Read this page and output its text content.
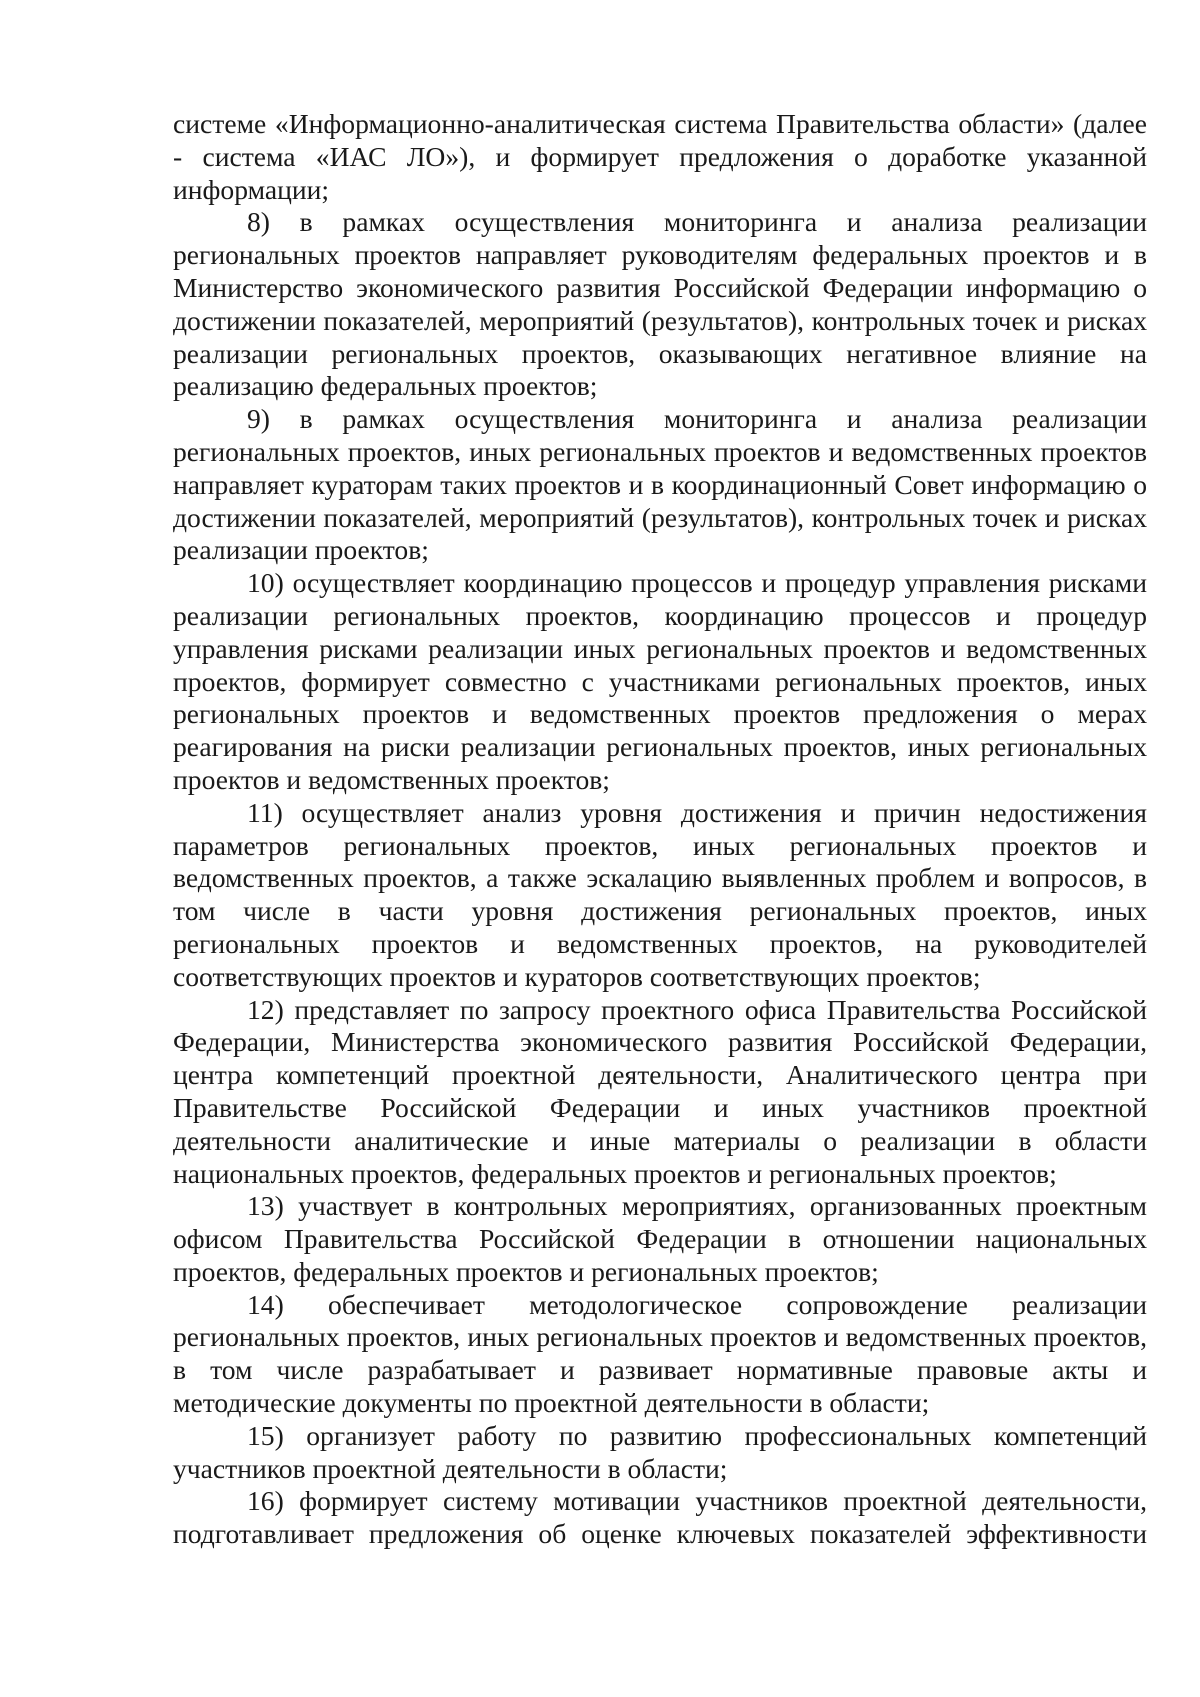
системе «Информационно-аналитическая система Правительства области» (далее - система «ИАС ЛО»), и формирует предложения о доработке указанной информации;

8) в рамках осуществления мониторинга и анализа реализации региональных проектов направляет руководителям федеральных проектов и в Министерство экономического развития Российской Федерации информацию о достижении показателей, мероприятий (результатов), контрольных точек и рисках реализации региональных проектов, оказывающих негативное влияние на реализацию федеральных проектов;

9) в рамках осуществления мониторинга и анализа реализации региональных проектов, иных региональных проектов и ведомственных проектов направляет кураторам таких проектов и в координационный Совет информацию о достижении показателей, мероприятий (результатов), контрольных точек и рисках реализации проектов;

10) осуществляет координацию процессов и процедур управления рисками реализации региональных проектов, координацию процессов и процедур управления рисками реализации иных региональных проектов и ведомственных проектов, формирует совместно с участниками региональных проектов, иных региональных проектов и ведомственных проектов предложения о мерах реагирования на риски реализации региональных проектов, иных региональных проектов и ведомственных проектов;

11) осуществляет анализ уровня достижения и причин недостижения параметров региональных проектов, иных региональных проектов и ведомственных проектов, а также эскалацию выявленных проблем и вопросов, в том числе в части уровня достижения региональных проектов, иных региональных проектов и ведомственных проектов, на руководителей соответствующих проектов и кураторов соответствующих проектов;

12) представляет по запросу проектного офиса Правительства Российской Федерации, Министерства экономического развития Российской Федерации, центра компетенций проектной деятельности, Аналитического центра при Правительстве Российской Федерации и иных участников проектной деятельности аналитические и иные материалы о реализации в области национальных проектов, федеральных проектов и региональных проектов;

13) участвует в контрольных мероприятиях, организованных проектным офисом Правительства Российской Федерации в отношении национальных проектов, федеральных проектов и региональных проектов;

14) обеспечивает методологическое сопровождение реализации региональных проектов, иных региональных проектов и ведомственных проектов, в том числе разрабатывает и развивает нормативные правовые акты и методические документы по проектной деятельности в области;

15) организует работу по развитию профессиональных компетенций участников проектной деятельности в области;

16) формирует систему мотивации участников проектной деятельности, подготавливает предложения об оценке ключевых показателей эффективности
